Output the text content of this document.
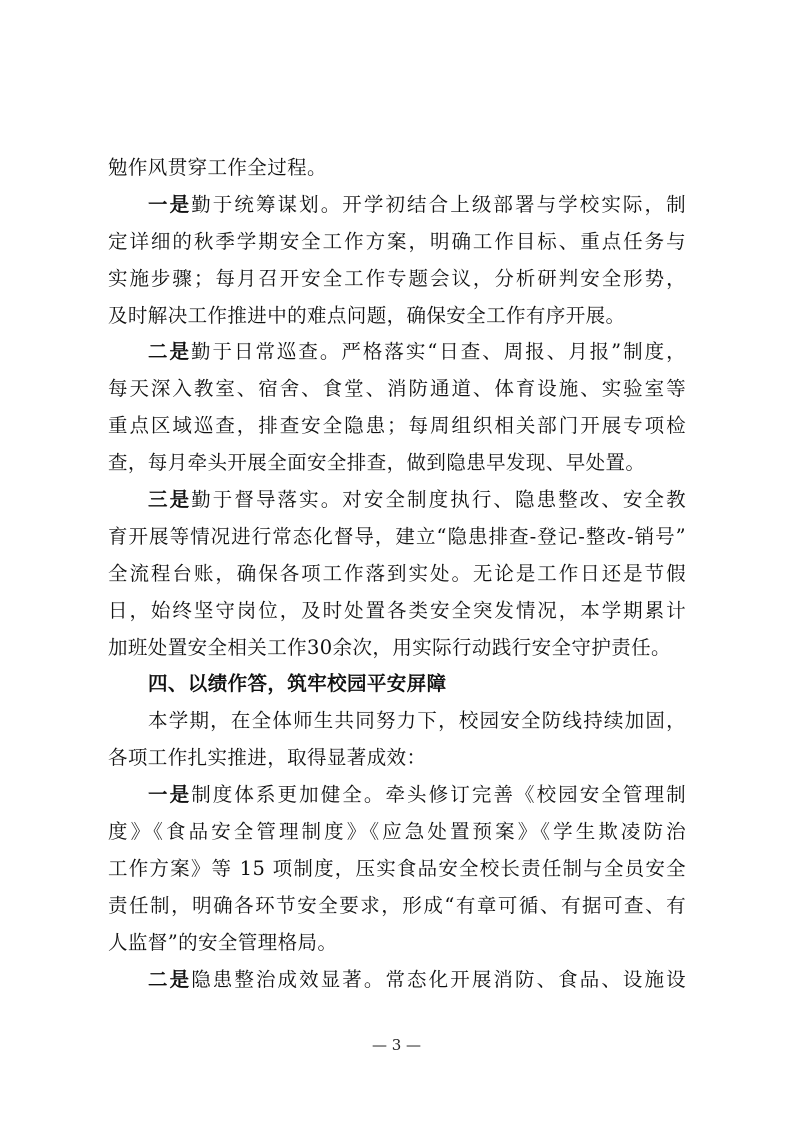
勉作风贯穿工作全过程。
一是勤于统筹谋划。开学初结合上级部署与学校实际，制
定详细的秋季学期安全工作方案，明确工作目标、重点任务与
实施步骤；每月召开安全工作专题会议，分析研判安全形势，
及时解决工作推进中的难点问题，确保安全工作有序开展。
二是勤于日常巡查。严格落实“日查、周报、月报”制度，
每天深入教室、宿舍、食堂、消防通道、体育设施、实验室等
重点区域巡查，排查安全隐患；每周组织相关部门开展专项检
查，每月牵头开展全面安全排查，做到隐患早发现、早处置。
三是勤于督导落实。对安全制度执行、隐患整改、安全教
育开展等情况进行常态化督导，建立“隐患排查-登记-整改-销号”
全流程台账，确保各项工作落到实处。无论是工作日还是节假
日，始终坚守岗位，及时处置各类安全突发情况，本学期累计
加班处置安全相关工作30余次，用实际行动践行安全守护责任。
四、以绩作答，筑牢校园平安屏障
本学期，在全体师生共同努力下，校园安全防线持续加固，
各项工作扎实推进，取得显著成效：
一是制度体系更加健全。牵头修订完善《校园安全管理制
度》《食品安全管理制度》《应急处置预案》《学生欺凌防治
工作方案》等 15 项制度，压实食品安全校长责任制与全员安全
责任制，明确各环节安全要求，形成“有章可循、有据可查、有
人监督”的安全管理格局。
二是隐患整治成效显著。常态化开展消防、食品、设施设
— 3 —
